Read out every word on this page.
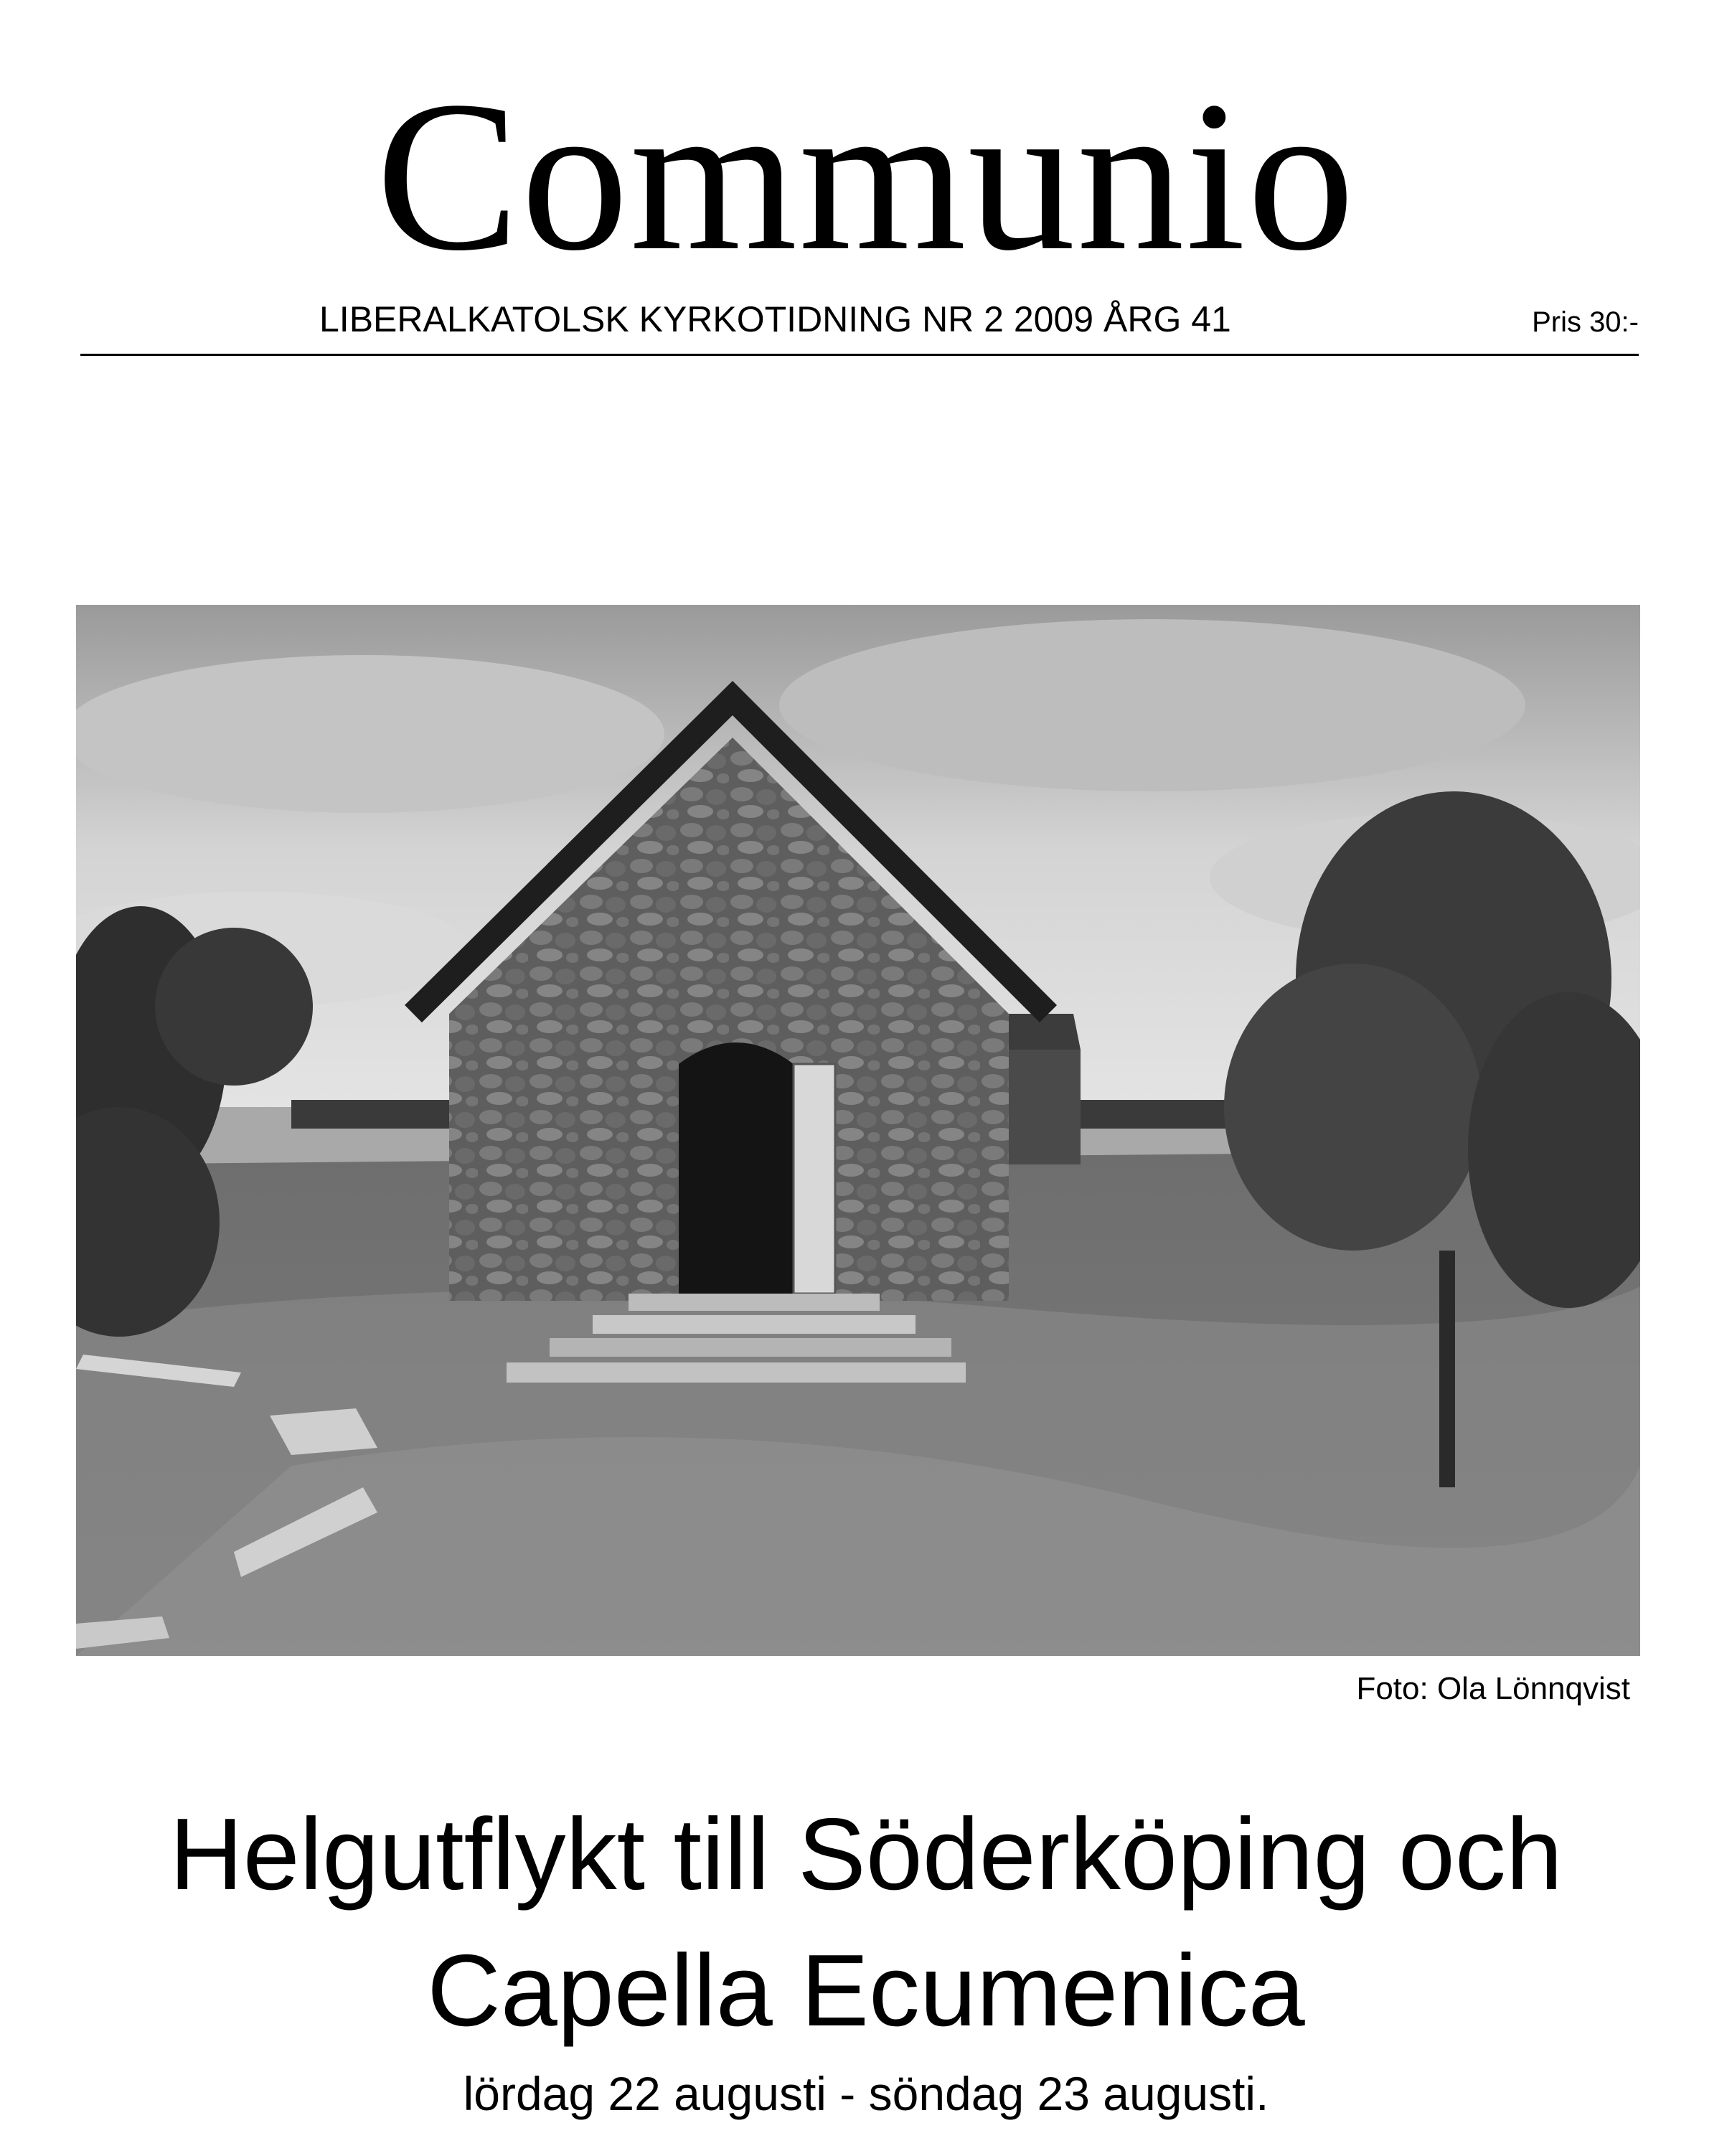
Communio
LIBERALKATOLSK KYRKOTIDNING NR 2 2009 ÅRG 41	Pris 30:-
Foto: Ola Lönnqvist
Helgutflykt till Söderköping och
Capella Ecumenica
lördag 22 augusti - söndag 23 augusti.
